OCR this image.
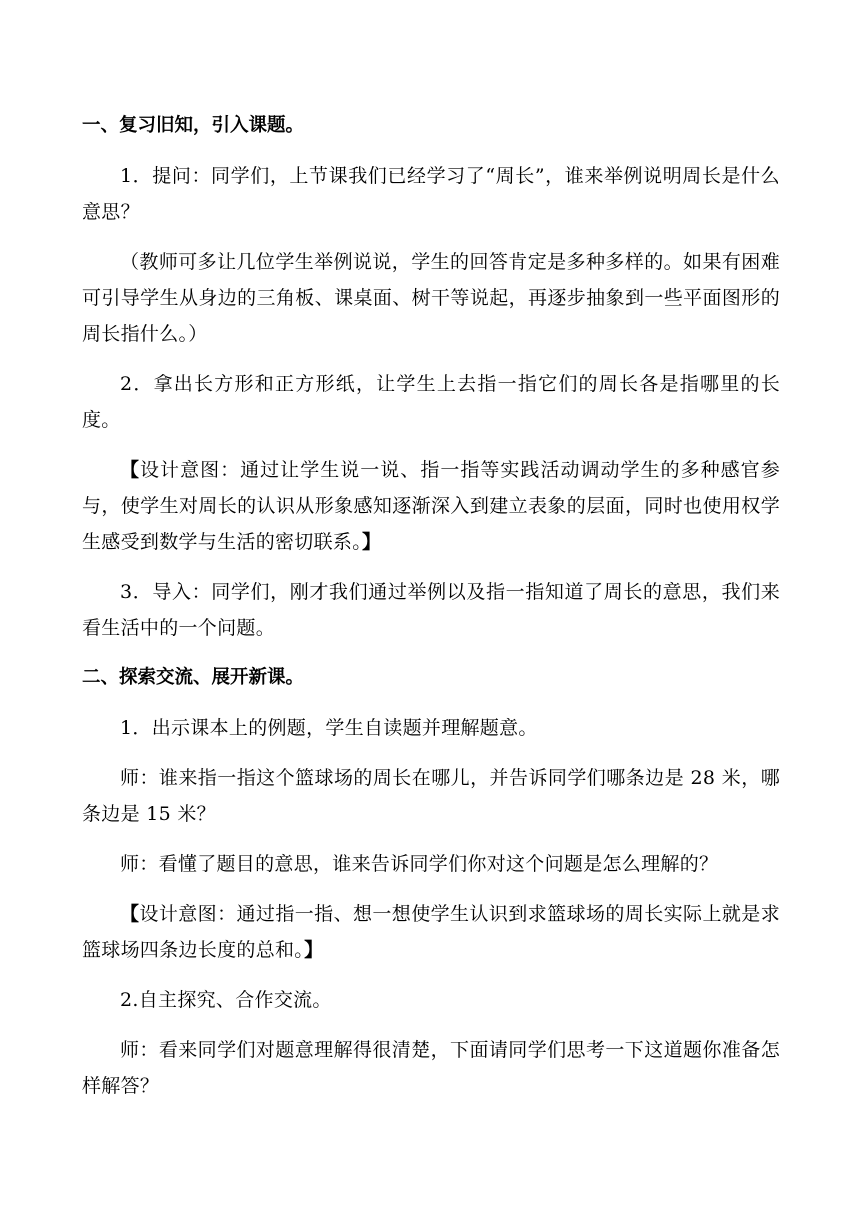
一、复习旧知，引入课题。

1．提问：同学们，上节课我们已经学习了“周长”，谁来举例说明周长是什么意思？

（教师可多让几位学生举例说说，学生的回答肯定是多种多样的。如果有困难可引导学生从身边的三角板、课桌面、树干等说起，再逐步抽象到一些平面图形的周长指什么。）

2．拿出长方形和正方形纸，让学生上去指一指它们的周长各是指哪里的长度。

【设计意图：通过让学生说一说、指一指等实践活动调动学生的多种感官参与，使学生对周长的认识从形象感知逐渐深入到建立表象的层面，同时也使用权学生感受到数学与生活的密切联系。】

3．导入：同学们，刚才我们通过举例以及指一指知道了周长的意思，我们来看生活中的一个问题。

二、探索交流、展开新课。

1．出示课本上的例题，学生自读题并理解题意。

师：谁来指一指这个篮球场的周长在哪儿，并告诉同学们哪条边是 28 米，哪条边是 15 米？

师：看懂了题目的意思，谁来告诉同学们你对这个问题是怎么理解的？

【设计意图：通过指一指、想一想使学生认识到求篮球场的周长实际上就是求篮球场四条边长度的总和。】

2.自主探究、合作交流。

师：看来同学们对题意理解得很清楚，下面请同学们思考一下这道题你准备怎样解答？
